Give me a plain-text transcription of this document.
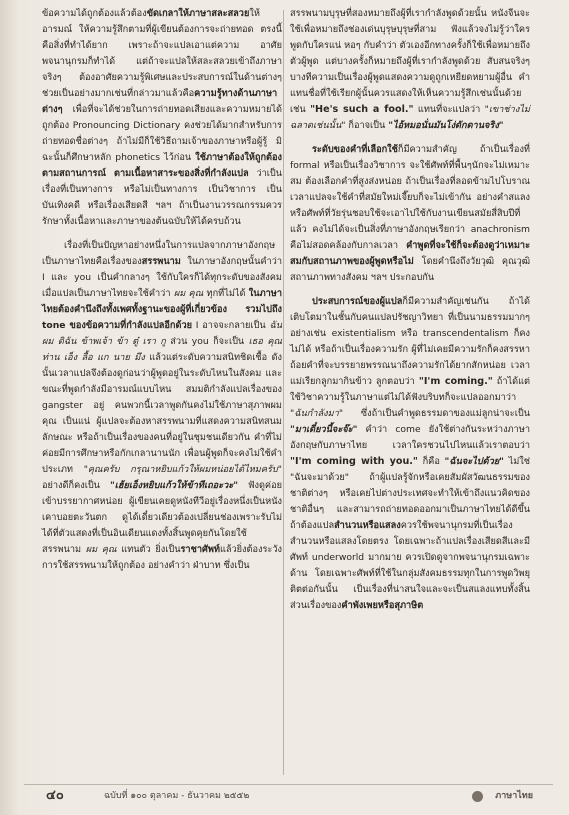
ข้อความได้ถูกต้องแล้วต้องขัดเกลาให้ภาษาสละสลวยให้อารมณ์ ให้ความรู้สึกตามที่ผู้เขียนต้องการจะถ่ายทอด ตรงนี้คือสิ่งที่ทำได้ยาก เพราะถ้าจะแปลเอาแต่ความ อาศัยพจนานุกรมก็ทำได้ แต่ถ้าจะแปลให้สละสลวยเข้าถึงภาษาจริงๆ ต้องอาศัยความรู้พิเศษและประสบการณ์ในด้านต่างๆ ช่วยเป็นอย่างมากเช่นที่กล่าวมาแล้วคือความรู้ทางด้านภาษาต่างๆ เพื่อที่จะได้ช่วยในการถ่ายทอดเสียงและความหมายได้ถูกต้อง Pronouncing Dictionary คงช่วยได้มากสำหรับการถ่ายทอดชื่อต่างๆ ถ้าไม่มีก็ใช้วิธีถามเจ้าของภาษาหรือผู้รู้ มิฉะนั้นก็ศึกษาหลัก phonetics ไว้ก่อน ใช้ภาษาต้องให้ถูกต้องตามสถานการณ์ ตามเนื้อหาสาระของสิ่งที่กำลังแปล ว่าเป็นเรื่องที่เป็นทางการ หรือไม่เป็นทางการ เป็นวิชาการ เป็นบันเทิงคดี หรือเรื่องเสียดสี ฯลฯ ถ้าเป็นงานวรรณกรรมควรรักษาทั้งเนื้อหาและภาษาของต้นฉบับให้ได้ครบถ้วน

เรื่องที่เป็นปัญหาอย่างหนึ่งในการแปลจากภาษาอังกฤษเป็นภาษาไทยคือเรื่องของสรรพนาม ในภาษาอังกฤษนั้นคำว่า I และ you เป็นคำกลางๆ ใช้กับใครก็ได้ทุกระดับของสังคม เมื่อแปลเป็นภาษาไทยจะใช้คำว่า ผม คุณ ทุกที่ไม่ได้ ในภาษาไทยต้องคำนึงถึงทั้งเพศทั้งฐานะของผู้ที่เกี่ยวข้อง รวมไปถึง tone ของข้อความที่กำลังแปลอีกด้วย I อาจจะกลายเป็น ฉัน ผม ดิฉัน ข้าพเจ้า ข้า ตู๋ เรา กู ส่วน you ก็จะเป็น เธอ คุณ ท่าน เอ็ง ลื้อ แก นาย มึง แล้วแต่ระดับความสนิทชิดเชื้อ ดังนั้นเวลาแปลจึงต้องดูก่อนว่าผู้พูดอยู่ในระดับไหนในสังคม และขณะที่พูดกำลังมีอารมณ์แบบไหน สมมติกำลังแปลเรื่องของ gangster อยู่ คนพวกนี้เวลาพูดกันคงไม่ใช้ภาษาสุภาพผม คุณ เป็นแน่ ผู้แปลจะต้องหาสรรพนามที่แสดงความสนิทสนมลักษณะ หรือถ้าเป็นเรื่องของคนที่อยู่ในชุมชนเดียวกัน คำที่ไม่ค่อยมีการศึกษาหรือกักเกลานานนัก เพื่อนผู้พูดก็จะคงไม่ใช้คำประเภท "คุณครับ กรุณาหยิบแก้วให้ผมหน่อยได้ไหมครับ" อย่างดีก็คงเป็น "เฮ้ยเอ็งหยิบแก้วให้ข้าทีเถอะวะ" ฟังดูค่อยเข้าบรรยากาศหน่อย ผู้เขียนเคยดูหนังทีวีอยู่เรื่องหนึ่งเป็นหนังเคาบอยตะวันตก ดูได้เดี๋ยวเดียวต้องเปลี่ยนช่องเพราะรับไม่ได้ที่ตัวแสดงที่เป็นอินเดียนแดงทั้งสิ้นพูดคุยกันโดยใช้สรรพนาม ผม คุณ แทนตัว ยิ่งเป็นราชาศัพท์แล้วยิ่งต้องระวังการใช้สรรพนามให้ถูกต้อง อย่างคำว่า ฝ่าบาท ซึ่งเป็น

สรรพนามบุรุษที่สองหมายถึงผู้ที่เรากำลังพูดด้วยนั้น หนังจีนจะใช้เพื่อหมายถึงช่องเด่นบุรุษบุรุษที่สาม ฟังแล้วจงไม่รู้ว่าใครพูดกับใครแน่ หอๆ กับคำว่า ตัวเองอีกทางครั้งก็ใช้เพื่อหมายถึงตัวผู้พูด แต่บางครั้งก็หมายถึงผู้ที่เรากำลังพูดด้วย สับสนจริงๆ บางทีความเป็นเรื่องผู้พูดแสดงความดูถูกเหยียดหยามผู้อื่น คำแทนชื่อที่ใช้เรียกผู้นั้นควรแสดงให้เห็นความรู้สึกเช่นนั้นด้วย เช่น "He's such a fool." แทนที่จะแปลว่า "เขาช่างไม่ฉลาดเช่นนั้น" ก็อาจเป็น "ไอ้หมอนั่นมันโง่ดักดานจริง"

ระดับของคำที่เลือกใช้ก็มีความสำคัญ ถ้าเป็นเรื่องที่ formal หรือเป็นเรื่องวิชาการ จะใช้ศัพท์ที่พื้นๆนักจะไม่เหมาะสม ต้องเลือกคำที่สูงส่งหน่อย ถ้าเป็นเรื่องที่ลอดข้ามไปโบราณ เวลาแปลจะใช้คำที่สมัยใหม่เจี๊ยบก็จะไม่เข้ากัน อย่างคำสแลงหรือศัพท์ที่วัยรุ่นชอบใช้จะเอาไปใช้กับงานเขียนสมัยสี่สิบปีที่แล้ว คงไม่ได้จะเป็นสิ่งที่ภาษาอังกฤษเรียกว่า anachronism คือไม่สอดคล้องกับกาลเวลา คำพูดที่จะใช้ก็จะต้องดูว่าเหมาะสมกับสถานภาพของผู้พูดหรือไม่ โดยคำนึงถึงวัยวุฒิ คุณวุฒิ สถานภาพทางสังคม ฯลฯ ประกอบกัน

ประสบการณ์ของผู้แปลก็มีความสำคัญเช่นกัน ถ้าได้เติบโตมาในชั้นกับคนแปลปรัชญาวิทยา ที่เป็นนามธรรมมากๆ อย่างเช่น existentialism หรือ transcendentalism ก็คงไม่ได้ หรือถ้าเป็นเรื่องความรัก ผู้ที่ไม่เคยมีความรักก็คงสรรหาถ้อยคำที่จะบรรยายพรรณนาถึงความรักได้ยากสักหน่อย เวลาแม่เรียกลูกมากินข้าว ลูกตอบว่า "I'm coming." ถ้าได้แต่ใช้วิชาความรู้ในภาษาแต่ไม่ได้ฟังบริบทก็จะแปลออกมาว่า "ฉันกำลังมา" ซึ่งถ้าเป็นคำพูดธรรมดาของแม่ลูกน่าจะเป็น "มาเดี๋ยวนี้จะจ๊ะ" คำว่า come ยังใช้ต่างกันระหว่างภาษาอังกฤษกับภาษาไทย เวลาใครชวนไปไหนแล้วเราตอบว่า "I'm coming with you." ก็คือ "ฉันจะไปด้วย" ไม่ใช่ "ฉันจะมาด้วย" ถ้าผู้แปลรู้จักหรือเคยสัมผัสวัฒนธรรมของชาติต่างๆ หรือเคยไปต่างประเทศจะทำให้เข้าถึงแนวคิดของชาติอื่นๆ และสามารถถ่ายทอดออกมาเป็นภาษาไทยได้ดีขึ้น ถ้าต้องแปลสำนวนหรือแสลงควรใช้พจนานุกรมที่เป็นเรื่องสำนวนหรือแสลงโดยตรง โดยเฉพาะถ้าแปลเรื่องเสียดสีและมีศัพท์ underworld มากมาย ควรเปิดดูจากพจนานุกรมเฉพาะด้าน โดยเฉพาะศัพท์ที่ใช้ในกลุ่มสังคมธรรมทุกในการพูดวิพยุติตต่อกันนั้น เป็นเรื่องที่น่าสนใจและจะเป็นสแลงแทบทั้งสิ้น ส่วนเรื่องของคำพังเพยหรือสุภาษิต

๔๐	ฉบับที่ ๑๐๐ ตุลาคม - ธันวาคม ๒๕๕๒	ภาษาไทย
